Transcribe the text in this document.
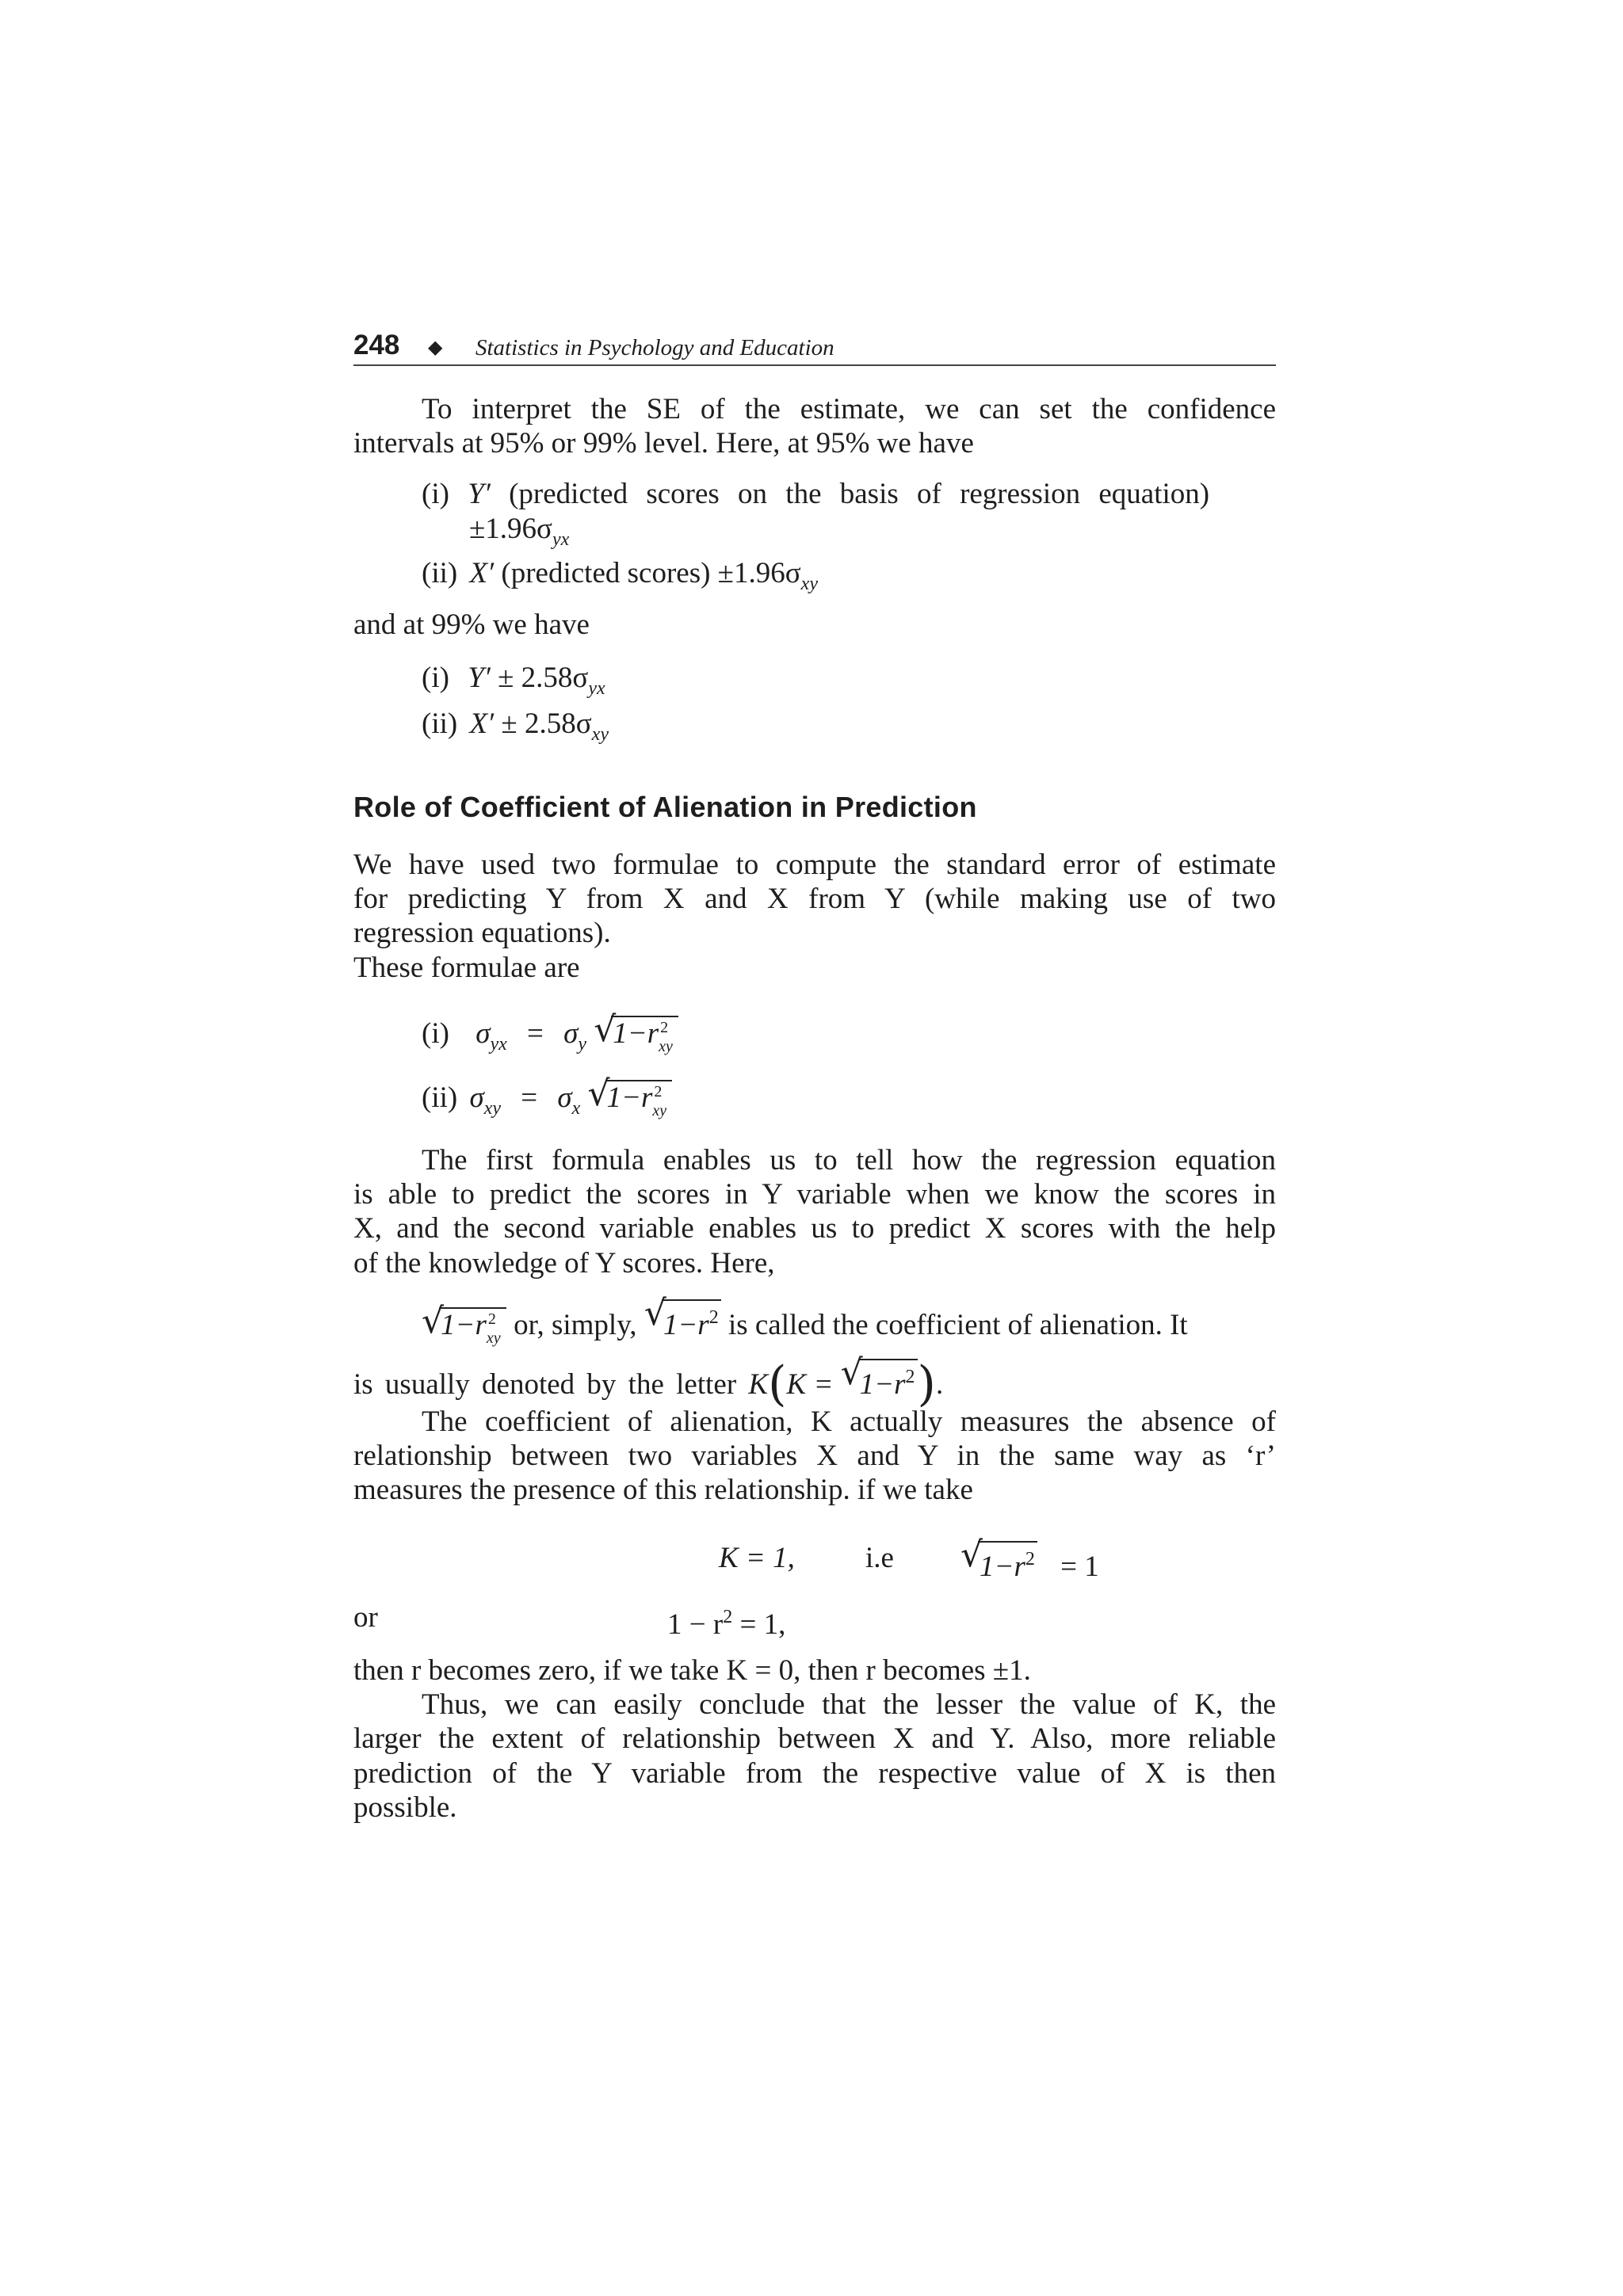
248 ◆ Statistics in Psychology and Education
To interpret the SE of the estimate, we can set the confidence
intervals at 95% or 99% level. Here, at 95% we have
(i) Y′ (predicted scores on the basis of regression equation)
$\pm 1.96\sigma_{yx}$
(ii) X′ (predicted scores) $\pm 1.96\sigma_{xy}$
and at 99% we have
(i) $Y' \pm 2.58\sigma_{yx}$
(ii) $X' \pm 2.58\sigma_{xy}$
Role of Coefficient of Alienation in Prediction
We have used two formulae to compute the standard error of estimate
for predicting Y from X and X from Y (while making use of two
regression equations).
These formulae are
(i) $\sigma_{yx} = \sigma_y$ √
1−r 2
xy
(ii) $\sigma_{xy} = \sigma_x$ √
1−r 2
xy
The first formula enables us to tell how the regression equation
is able to predict the scores in Y variable when we know the scores in
X, and the second variable enables us to predict X scores with the help
of the knowledge of Y scores. Here,
√
1−r 2
xy or, simply, √
$1-r^2$ is called the coefficient of alienation. It
is usually denoted by the letter K(K = √
$1-r^2$).
The coefficient of alienation, K actually measures the absence of
relationship between two variables X and Y in the same way as ‘r’
measures the presence of this relationship. if we take
K = 1, i.e √
$1-r^2 = 1$
or	$1 - r^2 = 1$,
then r becomes zero, if we take K = 0, then r becomes ±1.
Thus, we can easily conclude that the lesser the value of K, the
larger the extent of relationship between X and Y. Also, more reliable
prediction of the Y variable from the respective value of X is then
possible.
